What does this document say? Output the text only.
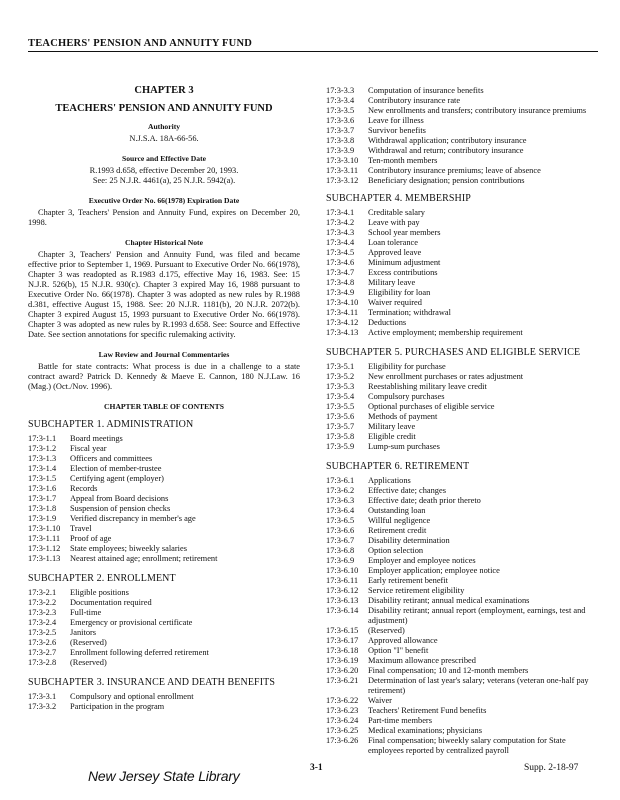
TEACHERS' PENSION AND ANNUITY FUND
CHAPTER 3
TEACHERS' PENSION AND ANNUITY FUND
Authority
N.J.S.A. 18A-66-56.
Source and Effective Date
R.1993 d.658, effective December 20, 1993.
See: 25 N.J.R. 4461(a), 25 N.J.R. 5942(a).
Executive Order No. 66(1978) Expiration Date

Chapter 3, Teachers' Pension and Annuity Fund, expires on December 20, 1998.

Chapter Historical Note

Chapter 3, Teachers' Pension and Annuity Fund, was filed and became effective prior to September 1, 1969. Pursuant to Executive Order No. 66(1978), Chapter 3 was readopted as R.1983 d.175, effective May 16, 1983. See: 15 N.J.R. 526(b), 15 N.J.R. 930(c). Chapter 3 expired May 16, 1988 pursuant to Executive Order No. 66(1978). Chapter 3 was adopted as new rules by R.1988 d.381, effective August 15, 1988. See: 20 N.J.R. 1181(b), 20 N.J.R. 2072(b). Chapter 3 expired August 15, 1993 pursuant to Executive Order No. 66(1978). Chapter 3 was adopted as new rules by R.1993 d.658. See: Source and Effective Date. See section annotations for specific rulemaking activity.

Law Review and Journal Commentaries

Battle for state contracts: What process is due in a challenge to a state contract award? Patrick D. Kennedy & Maeve E. Cannon, 180 N.J.Law. 16 (Mag.) (Oct./Nov. 1996).

CHAPTER TABLE OF CONTENTS
SUBCHAPTER 1. ADMINISTRATION
17:3-1.1	Board meetings
17:3-1.2	Fiscal year
17:3-1.3	Officers and committees
17:3-1.4	Election of member-trustee
17:3-1.5	Certifying agent (employer)
17:3-1.6	Records
17:3-1.7	Appeal from Board decisions
17:3-1.8	Suspension of pension checks
17:3-1.9	Verified discrepancy in member's age
17:3-1.10	Travel
17:3-1.11	Proof of age
17:3-1.12	State employees; biweekly salaries
17:3-1.13	Nearest attained age; enrollment; retirement
SUBCHAPTER 2. ENROLLMENT
17:3-2.1	Eligible positions
17:3-2.2	Documentation required
17:3-2.3	Full-time
17:3-2.4	Emergency or provisional certificate
17:3-2.5	Janitors
17:3-2.6	(Reserved)
17:3-2.7	Enrollment following deferred retirement
17:3-2.8	(Reserved)
SUBCHAPTER 3. INSURANCE AND DEATH BENEFITS
17:3-3.1	Compulsory and optional enrollment
17:3-3.2	Participation in the program
17:3-3.3	Computation of insurance benefits
17:3-3.4	Contributory insurance rate
17:3-3.5	New enrollments and transfers; contributory insurance premiums
17:3-3.6	Leave for illness
17:3-3.7	Survivor benefits
17:3-3.8	Withdrawal application; contributory insurance
17:3-3.9	Withdrawal and return; contributory insurance
17:3-3.10	Ten-month members
17:3-3.11	Contributory insurance premiums; leave of absence
17:3-3.12	Beneficiary designation; pension contributions
SUBCHAPTER 4. MEMBERSHIP
17:3-4.1	Creditable salary
17:3-4.2	Leave with pay
17:3-4.3	School year members
17:3-4.4	Loan tolerance
17:3-4.5	Approved leave
17:3-4.6	Minimum adjustment
17:3-4.7	Excess contributions
17:3-4.8	Military leave
17:3-4.9	Eligibility for loan
17:3-4.10	Waiver required
17:3-4.11	Termination; withdrawal
17:3-4.12	Deductions
17:3-4.13	Active employment; membership requirement
SUBCHAPTER 5. PURCHASES AND ELIGIBLE SERVICE
17:3-5.1	Eligibility for purchase
17:3-5.2	New enrollment purchases or rates adjustment
17:3-5.3	Reestablishing military leave credit
17:3-5.4	Compulsory purchases
17:3-5.5	Optional purchases of eligible service
17:3-5.6	Methods of payment
17:3-5.7	Military leave
17:3-5.8	Eligible credit
17:3-5.9	Lump-sum purchases
SUBCHAPTER 6. RETIREMENT
17:3-6.1	Applications
17:3-6.2	Effective date; changes
17:3-6.3	Effective date; death prior thereto
17:3-6.4	Outstanding loan
17:3-6.5	Willful negligence
17:3-6.6	Retirement credit
17:3-6.7	Disability determination
17:3-6.8	Option selection
17:3-6.9	Employer and employee notices
17:3-6.10	Employer application; employee notice
17:3-6.11	Early retirement benefit
17:3-6.12	Service retirement eligibility
17:3-6.13	Disability retirant; annual medical examinations
17:3-6.14	Disability retirant; annual report (employment, earnings, test and adjustment)
17:3-6.15	(Reserved)
17:3-6.17	Approved allowance
17:3-6.18	Option "I" benefit
17:3-6.19	Maximum allowance prescribed
17:3-6.20	Final compensation; 10 and 12-month members
17:3-6.21	Determination of last year's salary; veterans (veteran one-half pay retirement)
17:3-6.22	Waiver
17:3-6.23	Teachers' Retirement Fund benefits
17:3-6.24	Part-time members
17:3-6.25	Medical examinations; physicians
17:3-6.26	Final compensation; biweekly salary computation for State employees reported by centralized payroll
New Jersey State Library	3-1	Supp. 2-18-97
